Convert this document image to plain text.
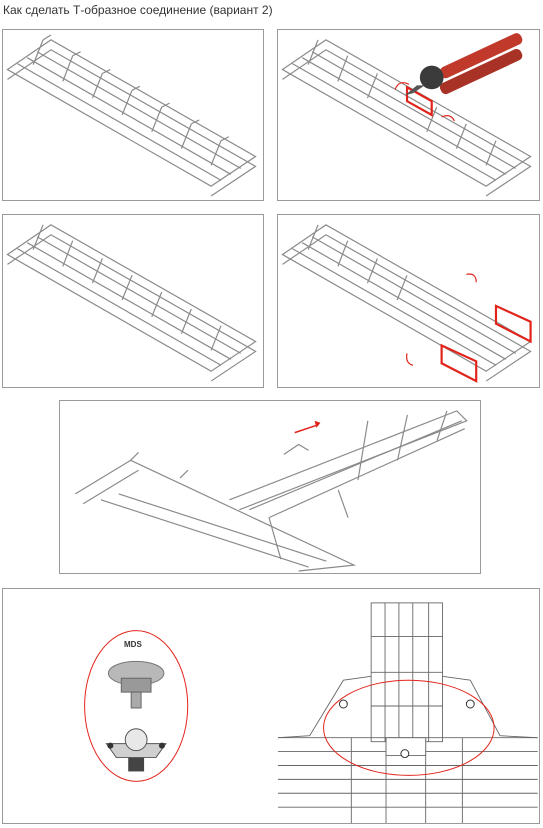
Как сделать Т-образное соединение (вариант 2)
MDS
